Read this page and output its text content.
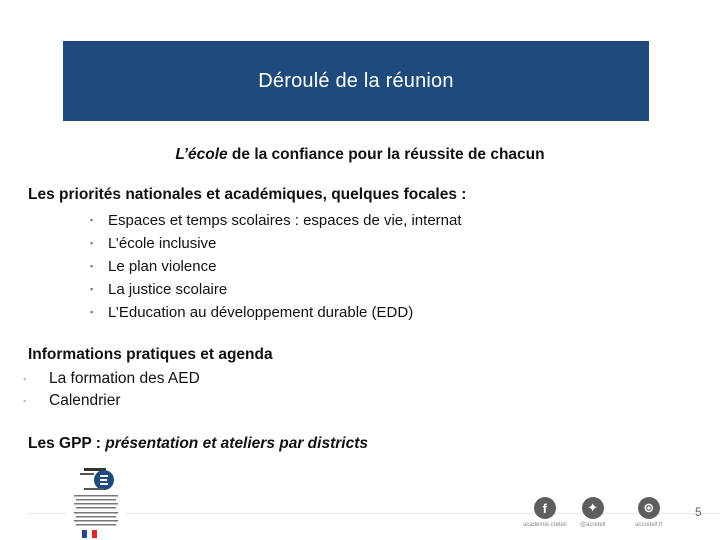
Déroulé de la réunion
L’école de la confiance pour la réussite de chacun
Les priorités nationales et académiques, quelques focales :
▪ Espaces et temps scolaires : espaces de vie, internat
▪ L’école inclusive
▪ Le plan violence
▪ La justice scolaire
▪ L’Education au développement durable (EDD)
Informations pratiques et agenda
▪ La formation des AED
▪ Calendrier
Les GPP : présentation et ateliers par districts
f
academie.creteil
✦
@acreteil
⊛
accreteil.fr
5
